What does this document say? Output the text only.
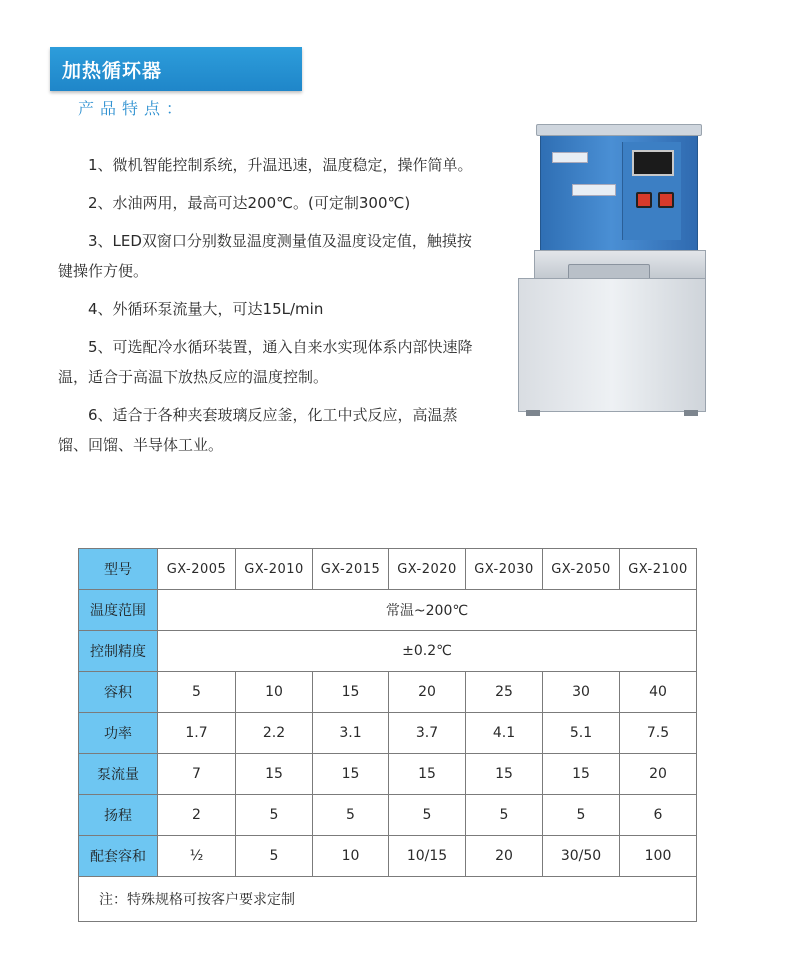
加热循环器
产品特点：

1、微机智能控制系统，升温迅速，温度稳定，操作简单。

2、水油两用，最高可达200℃。(可定制300℃)

3、LED双窗口分别数显温度测量值及温度设定值，触摸按键操作方便。

4、外循环泵流量大，可达15L/min

5、可选配冷水循环装置，通入自来水实现体系内部快速降温，适合于高温下放热反应的温度控制。

6、适合于各种夹套玻璃反应釜，化工中式反应，高温蒸馏、回馏、半导体工业。

型号	GX-2005	GX-2010	GX-2015	GX-2020	GX-2030	GX-2050	GX-2100
温度范围	常温~200℃						
控制精度	±0.2℃						
容积	5	10	15	20	25	30	40
功率	1.7	2.2	3.1	3.7	4.1	5.1	7.5
泵流量	7	15	15	15	15	15	20
扬程	2	5	5	5	5	5	6
配套容和	½	5	10	10/15	20	30/50	100
注：特殊规格可按客户要求定制							
